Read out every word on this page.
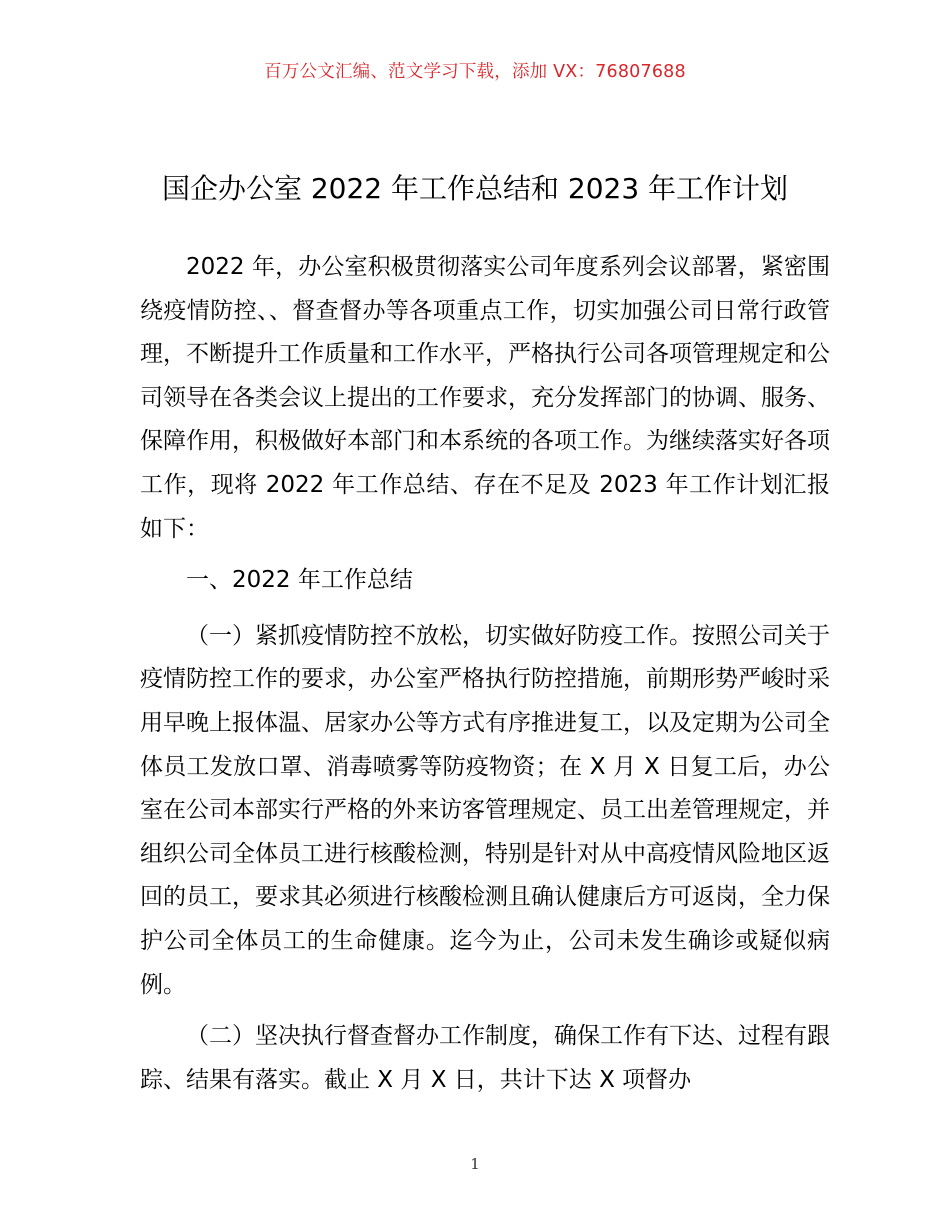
百万公文汇编、范文学习下载，添加 VX：76807688
国企办公室 2022 年工作总结和 2023 年工作计划

2022 年，办公室积极贯彻落实公司年度系列会议部署，紧密围绕疫情防控、、督查督办等各项重点工作，切实加强公司日常行政管理，不断提升工作质量和工作水平，严格执行公司各项管理规定和公司领导在各类会议上提出的工作要求，充分发挥部门的协调、服务、保障作用，积极做好本部门和本系统的各项工作。为继续落实好各项工作，现将 2022 年工作总结、存在不足及 2023 年工作计划汇报如下：

一、2022 年工作总结

（一）紧抓疫情防控不放松，切实做好防疫工作。按照公司关于疫情防控工作的要求，办公室严格执行防控措施，前期形势严峻时采用早晚上报体温、居家办公等方式有序推进复工，以及定期为公司全体员工发放口罩、消毒喷雾等防疫物资；在 X 月 X 日复工后，办公室在公司本部实行严格的外来访客管理规定、员工出差管理规定，并组织公司全体员工进行核酸检测，特别是针对从中高疫情风险地区返回的员工，要求其必须进行核酸检测且确认健康后方可返岗，全力保护公司全体员工的生命健康。迄今为止，公司未发生确诊或疑似病例。

（二）坚决执行督查督办工作制度，确保工作有下达、过程有跟踪、结果有落实。截止 X 月 X 日，共计下达 X 项督办

1
